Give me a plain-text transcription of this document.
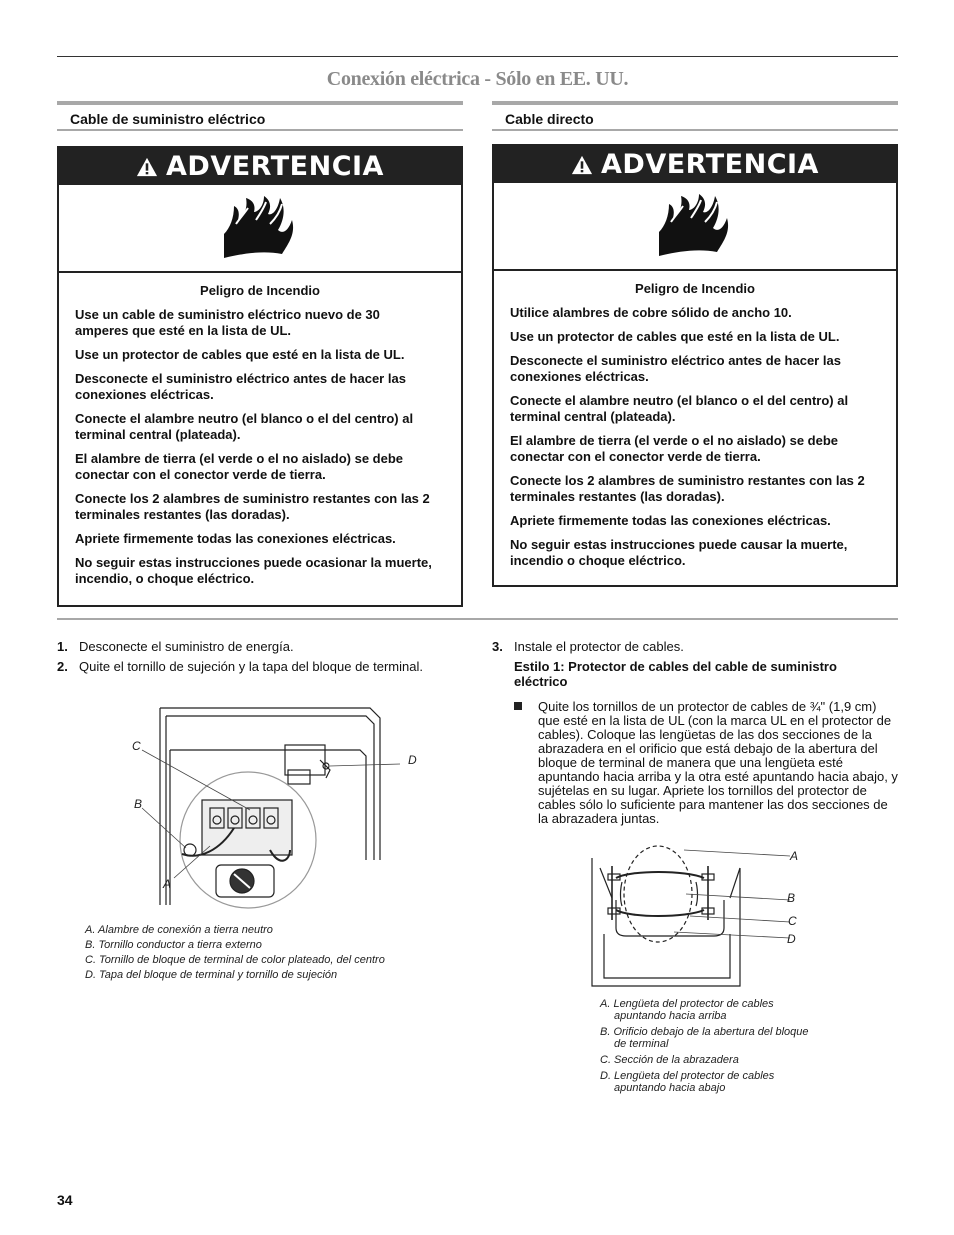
Conexión eléctrica - Sólo en EE. UU.
Cable de suministro eléctrico
ADVERTENCIA
Peligro de Incendio

Use un cable de suministro eléctrico nuevo de 30 amperes que esté en la lista de UL.

Use un protector de cables que esté en la lista de UL.

Desconecte el suministro eléctrico antes de hacer las conexiones eléctricas.

Conecte el alambre neutro (el blanco o el del centro) al terminal central (plateada).

El alambre de tierra (el verde o el no aislado) se debe conectar con el conector verde de tierra.

Conecte los 2 alambres de suministro restantes con las 2 terminales restantes (las doradas).

Apriete firmemente todas las conexiones eléctricas.

No seguir estas instrucciones puede ocasionar la muerte, incendio, o choque eléctrico.

Cable directo
ADVERTENCIA
Peligro de Incendio

Utilice alambres de cobre sólido de ancho 10.

Use un protector de cables que esté en la lista de UL.

Desconecte el suministro eléctrico antes de hacer las conexiones eléctricas.

Conecte el alambre neutro (el blanco o el del centro) al terminal central (plateada).

El alambre de tierra (el verde o el no aislado) se debe conectar con el conector verde de tierra.

Conecte los 2 alambres de suministro restantes con las 2 terminales restantes (las doradas).

Apriete firmemente todas las conexiones eléctricas.

No seguir estas instrucciones puede causar la muerte, incendio o choque eléctrico.

1. Desconecte el suministro de energía.
2. Quite el tornillo de sujeción y la tapa del bloque de terminal.
C
B
A
D
A. Alambre de conexión a tierra neutro
B. Tornillo conductor a tierra externo
C. Tornillo de bloque de terminal de color plateado, del centro
D. Tapa del bloque de terminal y tornillo de sujeción
3. Instale el protector de cables.
Estilo 1: Protector de cables del cable de suministro eléctrico
Quite los tornillos de un protector de cables de ¾" (1,9 cm) que esté en la lista de UL (con la marca UL en el protector de cables). Coloque las lengüetas de las dos secciones de la abrazadera en el orificio que está debajo de la abertura del bloque de terminal de manera que una lengüeta esté apuntando hacia arriba y la otra esté apuntando hacia abajo, y sujételas en su lugar. Apriete los tornillos del protector de cables sólo lo suficiente para mantener las dos secciones de la abrazadera juntas.
A
B
C
D
A. Lengüeta del protector de cables
apuntando hacia arriba
B. Orificio debajo de la abertura del bloque
de terminal
C. Sección de la abrazadera
D. Lengüeta del protector de cables
apuntando hacia abajo
34
